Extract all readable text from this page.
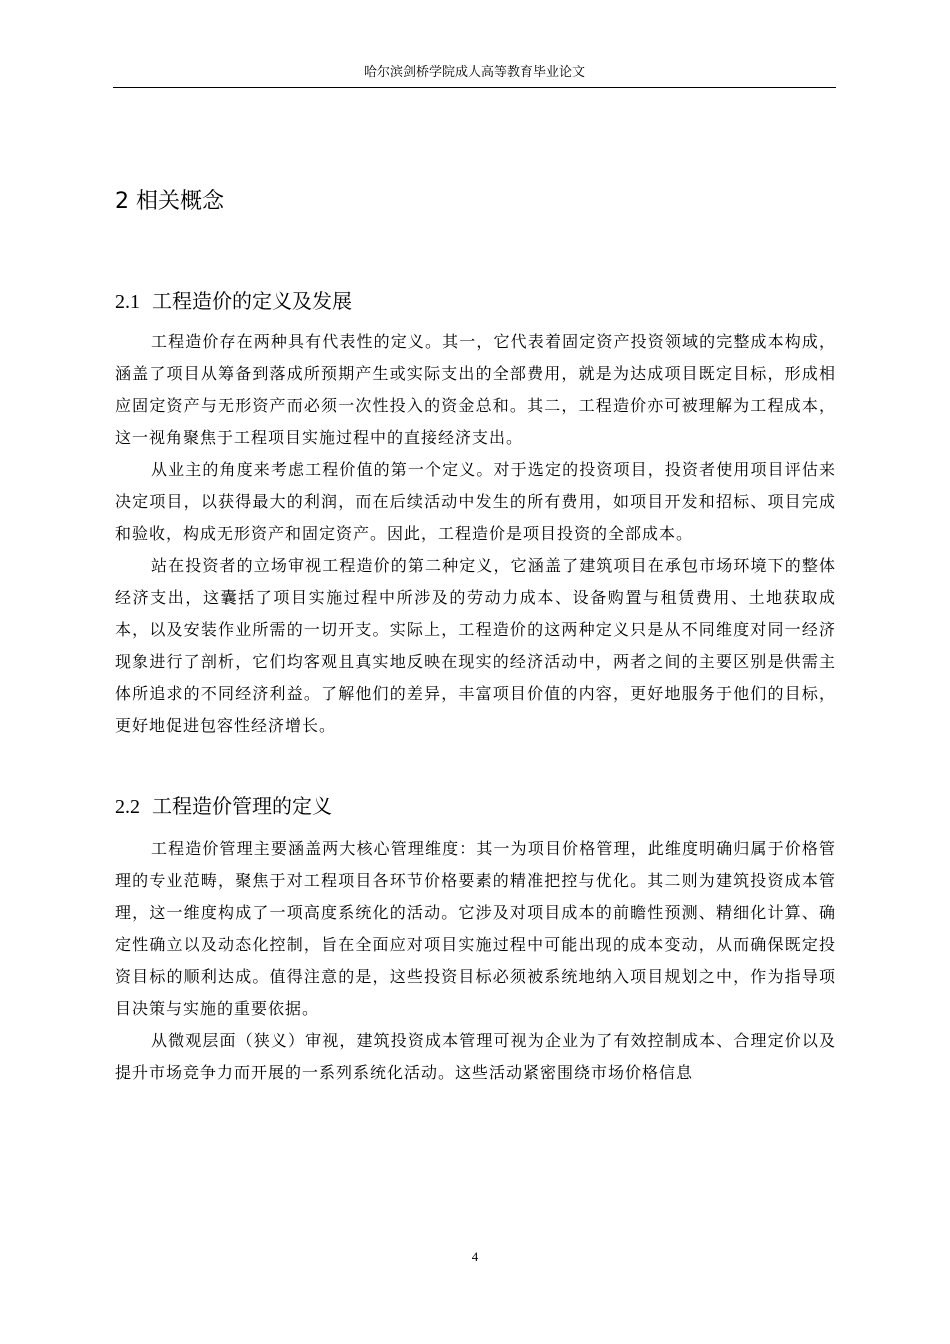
哈尔滨剑桥学院成人高等教育毕业论文
2 相关概念
2.1 工程造价的定义及发展

工程造价存在两种具有代表性的定义。其一，它代表着固定资产投资领域的完整成本构成，涵盖了项目从筹备到落成所预期产生或实际支出的全部费用，就是为达成项目既定目标，形成相应固定资产与无形资产而必须一次性投入的资金总和。其二，工程造价亦可被理解为工程成本，这一视角聚焦于工程项目实施过程中的直接经济支出。

从业主的角度来考虑工程价值的第一个定义。对于选定的投资项目，投资者使用项目评估来决定项目，以获得最大的利润，而在后续活动中发生的所有费用，如项目开发和招标、项目完成和验收，构成无形资产和固定资产。因此，工程造价是项目投资的全部成本。

站在投资者的立场审视工程造价的第二种定义，它涵盖了建筑项目在承包市场环境下的整体经济支出，这囊括了项目实施过程中所涉及的劳动力成本、设备购置与租赁费用、土地获取成本，以及安装作业所需的一切开支。实际上，工程造价的这两种定义只是从不同维度对同一经济现象进行了剖析，它们均客观且真实地反映在现实的经济活动中，两者之间的主要区别是供需主体所追求的不同经济利益。了解他们的差异，丰富项目价值的内容，更好地服务于他们的目标，更好地促进包容性经济增长。

2.2 工程造价管理的定义

工程造价管理主要涵盖两大核心管理维度：其一为项目价格管理，此维度明确归属于价格管理的专业范畴，聚焦于对工程项目各环节价格要素的精准把控与优化。其二则为建筑投资成本管理，这一维度构成了一项高度系统化的活动。它涉及对项目成本的前瞻性预测、精细化计算、确定性确立以及动态化控制，旨在全面应对项目实施过程中可能出现的成本变动，从而确保既定投资目标的顺利达成。值得注意的是，这些投资目标必须被系统地纳入项目规划之中，作为指导项目决策与实施的重要依据。

从微观层面（狭义）审视，建筑投资成本管理可视为企业为了有效控制成本、合理定价以及提升市场竞争力而开展的一系列系统化活动。这些活动紧密围绕市场价格信息

4
